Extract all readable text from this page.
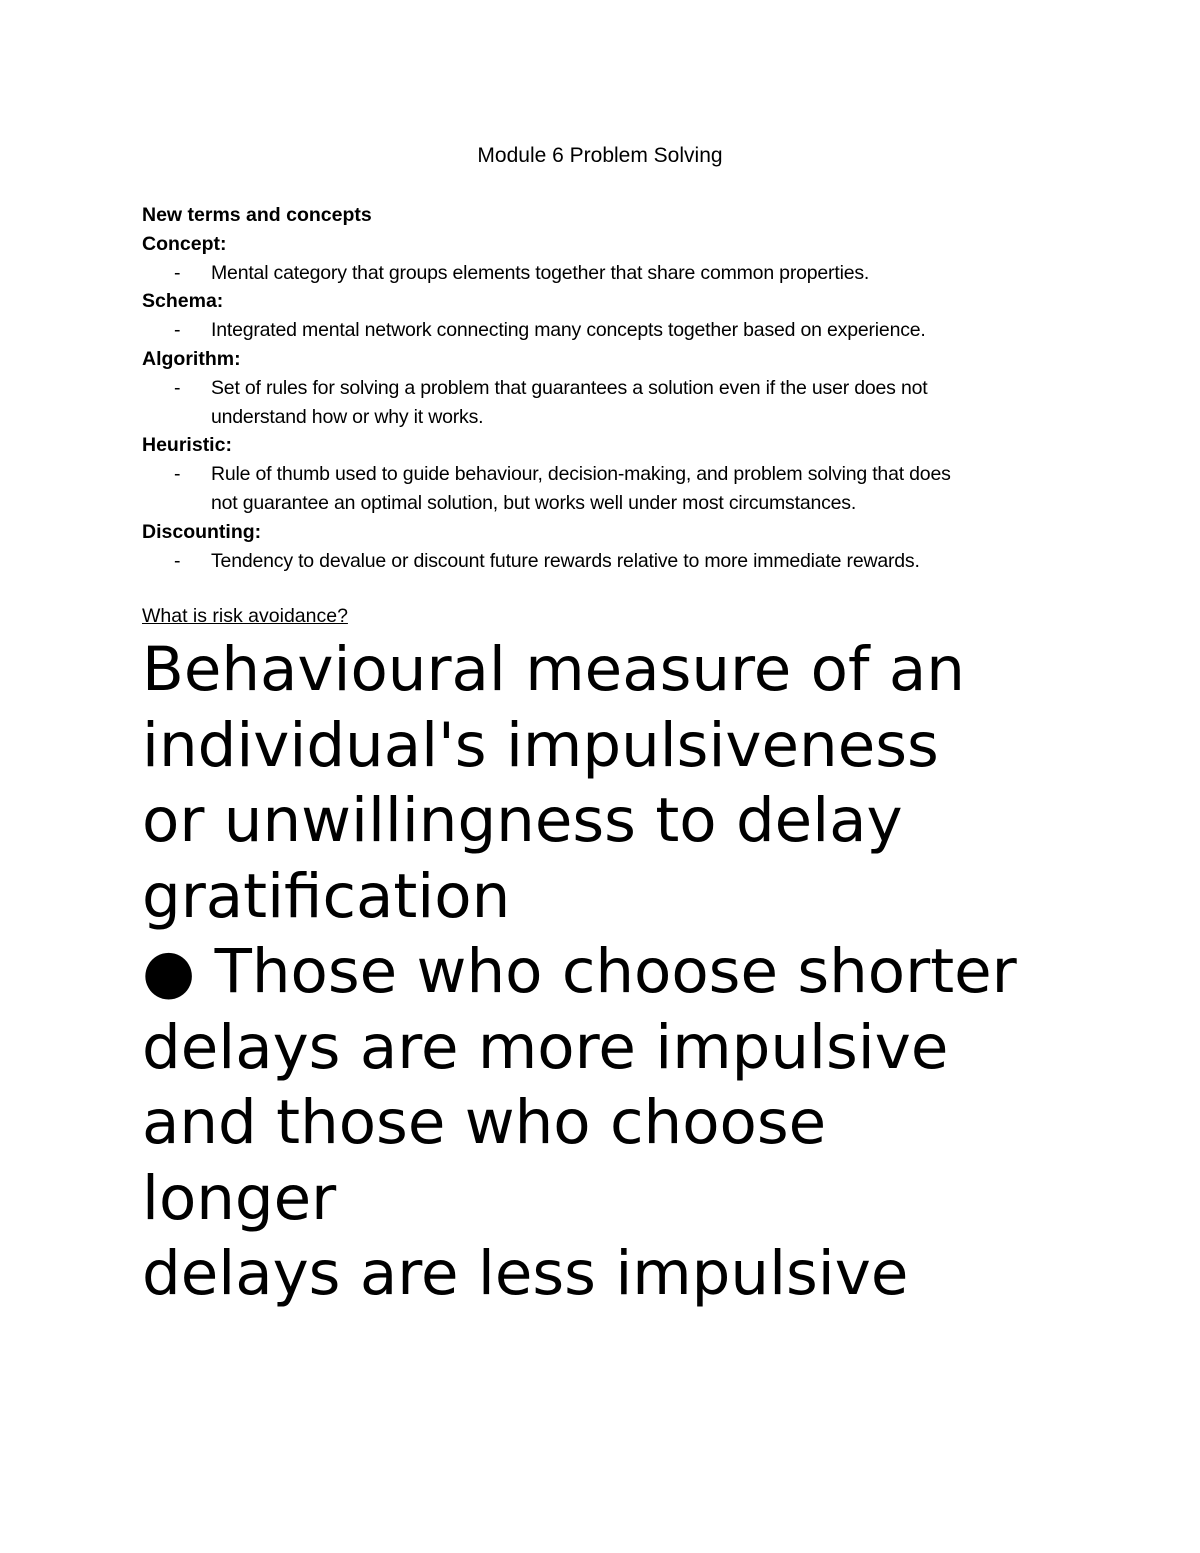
Module 6 Problem Solving
New terms and concepts
Concept:
- Mental category that groups elements together that share common properties.
Schema:
- Integrated mental network connecting many concepts together based on experience.
Algorithm:
- Set of rules for solving a problem that guarantees a solution even if the user does not
understand how or why it works.
Heuristic:
- Rule of thumb used to guide behaviour, decision-making, and problem solving that does
not guarantee an optimal solution, but works well under most circumstances.
Discounting:
- Tendency to devalue or discount future rewards relative to more immediate rewards.
What is risk avoidance?
Behavioural measure of an
individual's impulsiveness
or unwillingness to delay
gratification
● Those who choose shorter
delays are more impulsive
and those who choose
longer
delays are less impulsive
